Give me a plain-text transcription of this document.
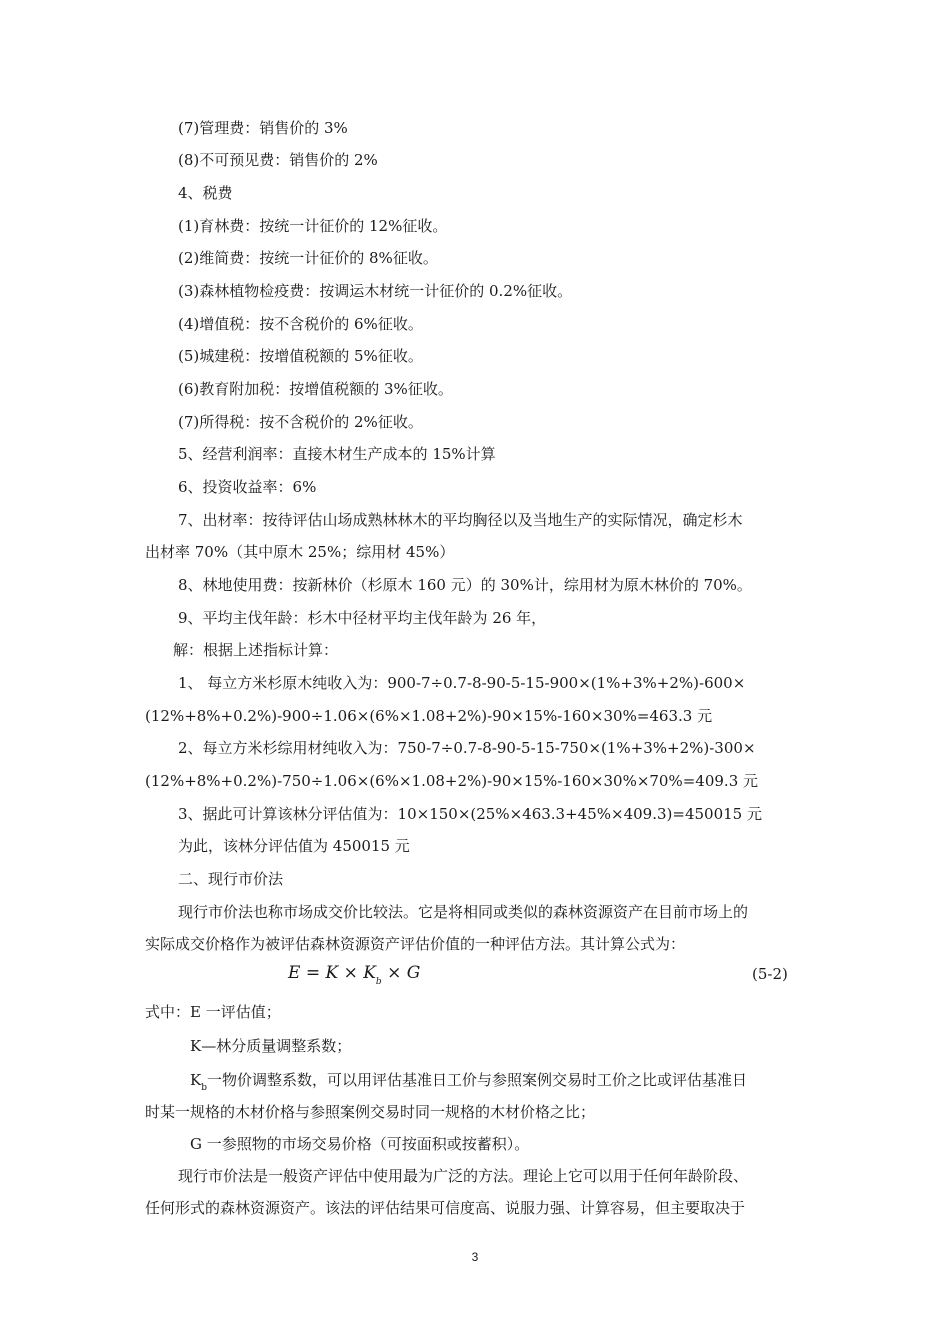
(7)管理费：销售价的 3%
(8)不可预见费：销售价的 2%
4、税费
(1)育林费：按统一计征价的 12%征收。
(2)维简费：按统一计征价的 8%征收。
(3)森林植物检疫费：按调运木材统一计征价的 0.2%征收。
(4)增值税：按不含税价的 6%征收。
(5)城建税：按增值税额的 5%征收。
(6)教育附加税：按增值税额的 3%征收。
(7)所得税：按不含税价的 2%征收。
5、经营利润率：直接木材生产成本的 15%计算
6、投资收益率：6%
7、出材率：按待评估山场成熟林林木的平均胸径以及当地生产的实际情况，确定杉木
出材率 70%（其中原木 25%；综用材 45%）
8、林地使用费：按新林价（杉原木 160 元）的 30%计，综用材为原木林价的 70%。
9、平均主伐年龄：杉木中径材平均主伐年龄为 26 年，
解：根据上述指标计算：
1、 每立方米杉原木纯收入为：900-7÷0.7-8-90-5-15-900×(1%+3%+2%)-600×
(12%+8%+0.2%)-900÷1.06×(6%×1.08+2%)-90×15%-160×30%=463.3 元
2、每立方米杉综用材纯收入为：750-7÷0.7-8-90-5-15-750×(1%+3%+2%)-300×
(12%+8%+0.2%)-750÷1.06×(6%×1.08+2%)-90×15%-160×30%×70%=409.3 元
3、据此可计算该林分评估值为：10×150×(25%×463.3+45%×409.3)=450015 元
为此，该林分评估值为 450015 元
二、现行市价法
现行市价法也称市场成交价比较法。它是将相同或类似的森林资源资产在目前市场上的
实际成交价格作为被评估森林资源资产评估价值的一种评估方法。其计算公式为：
$E = K \times K_b \times G$	(5-2)
式中：E 一评估值；
K—林分质量调整系数；
$K_b$一物价调整系数，可以用评估基准日工价与参照案例交易时工价之比或评估基准日
时某一规格的木材价格与参照案例交易时同一规格的木材价格之比；
G 一参照物的市场交易价格（可按面积或按蓄积）。
现行市价法是一般资产评估中使用最为广泛的方法。理论上它可以用于任何年龄阶段、
任何形式的森林资源资产。该法的评估结果可信度高、说服力强、计算容易，但主要取决于
3
